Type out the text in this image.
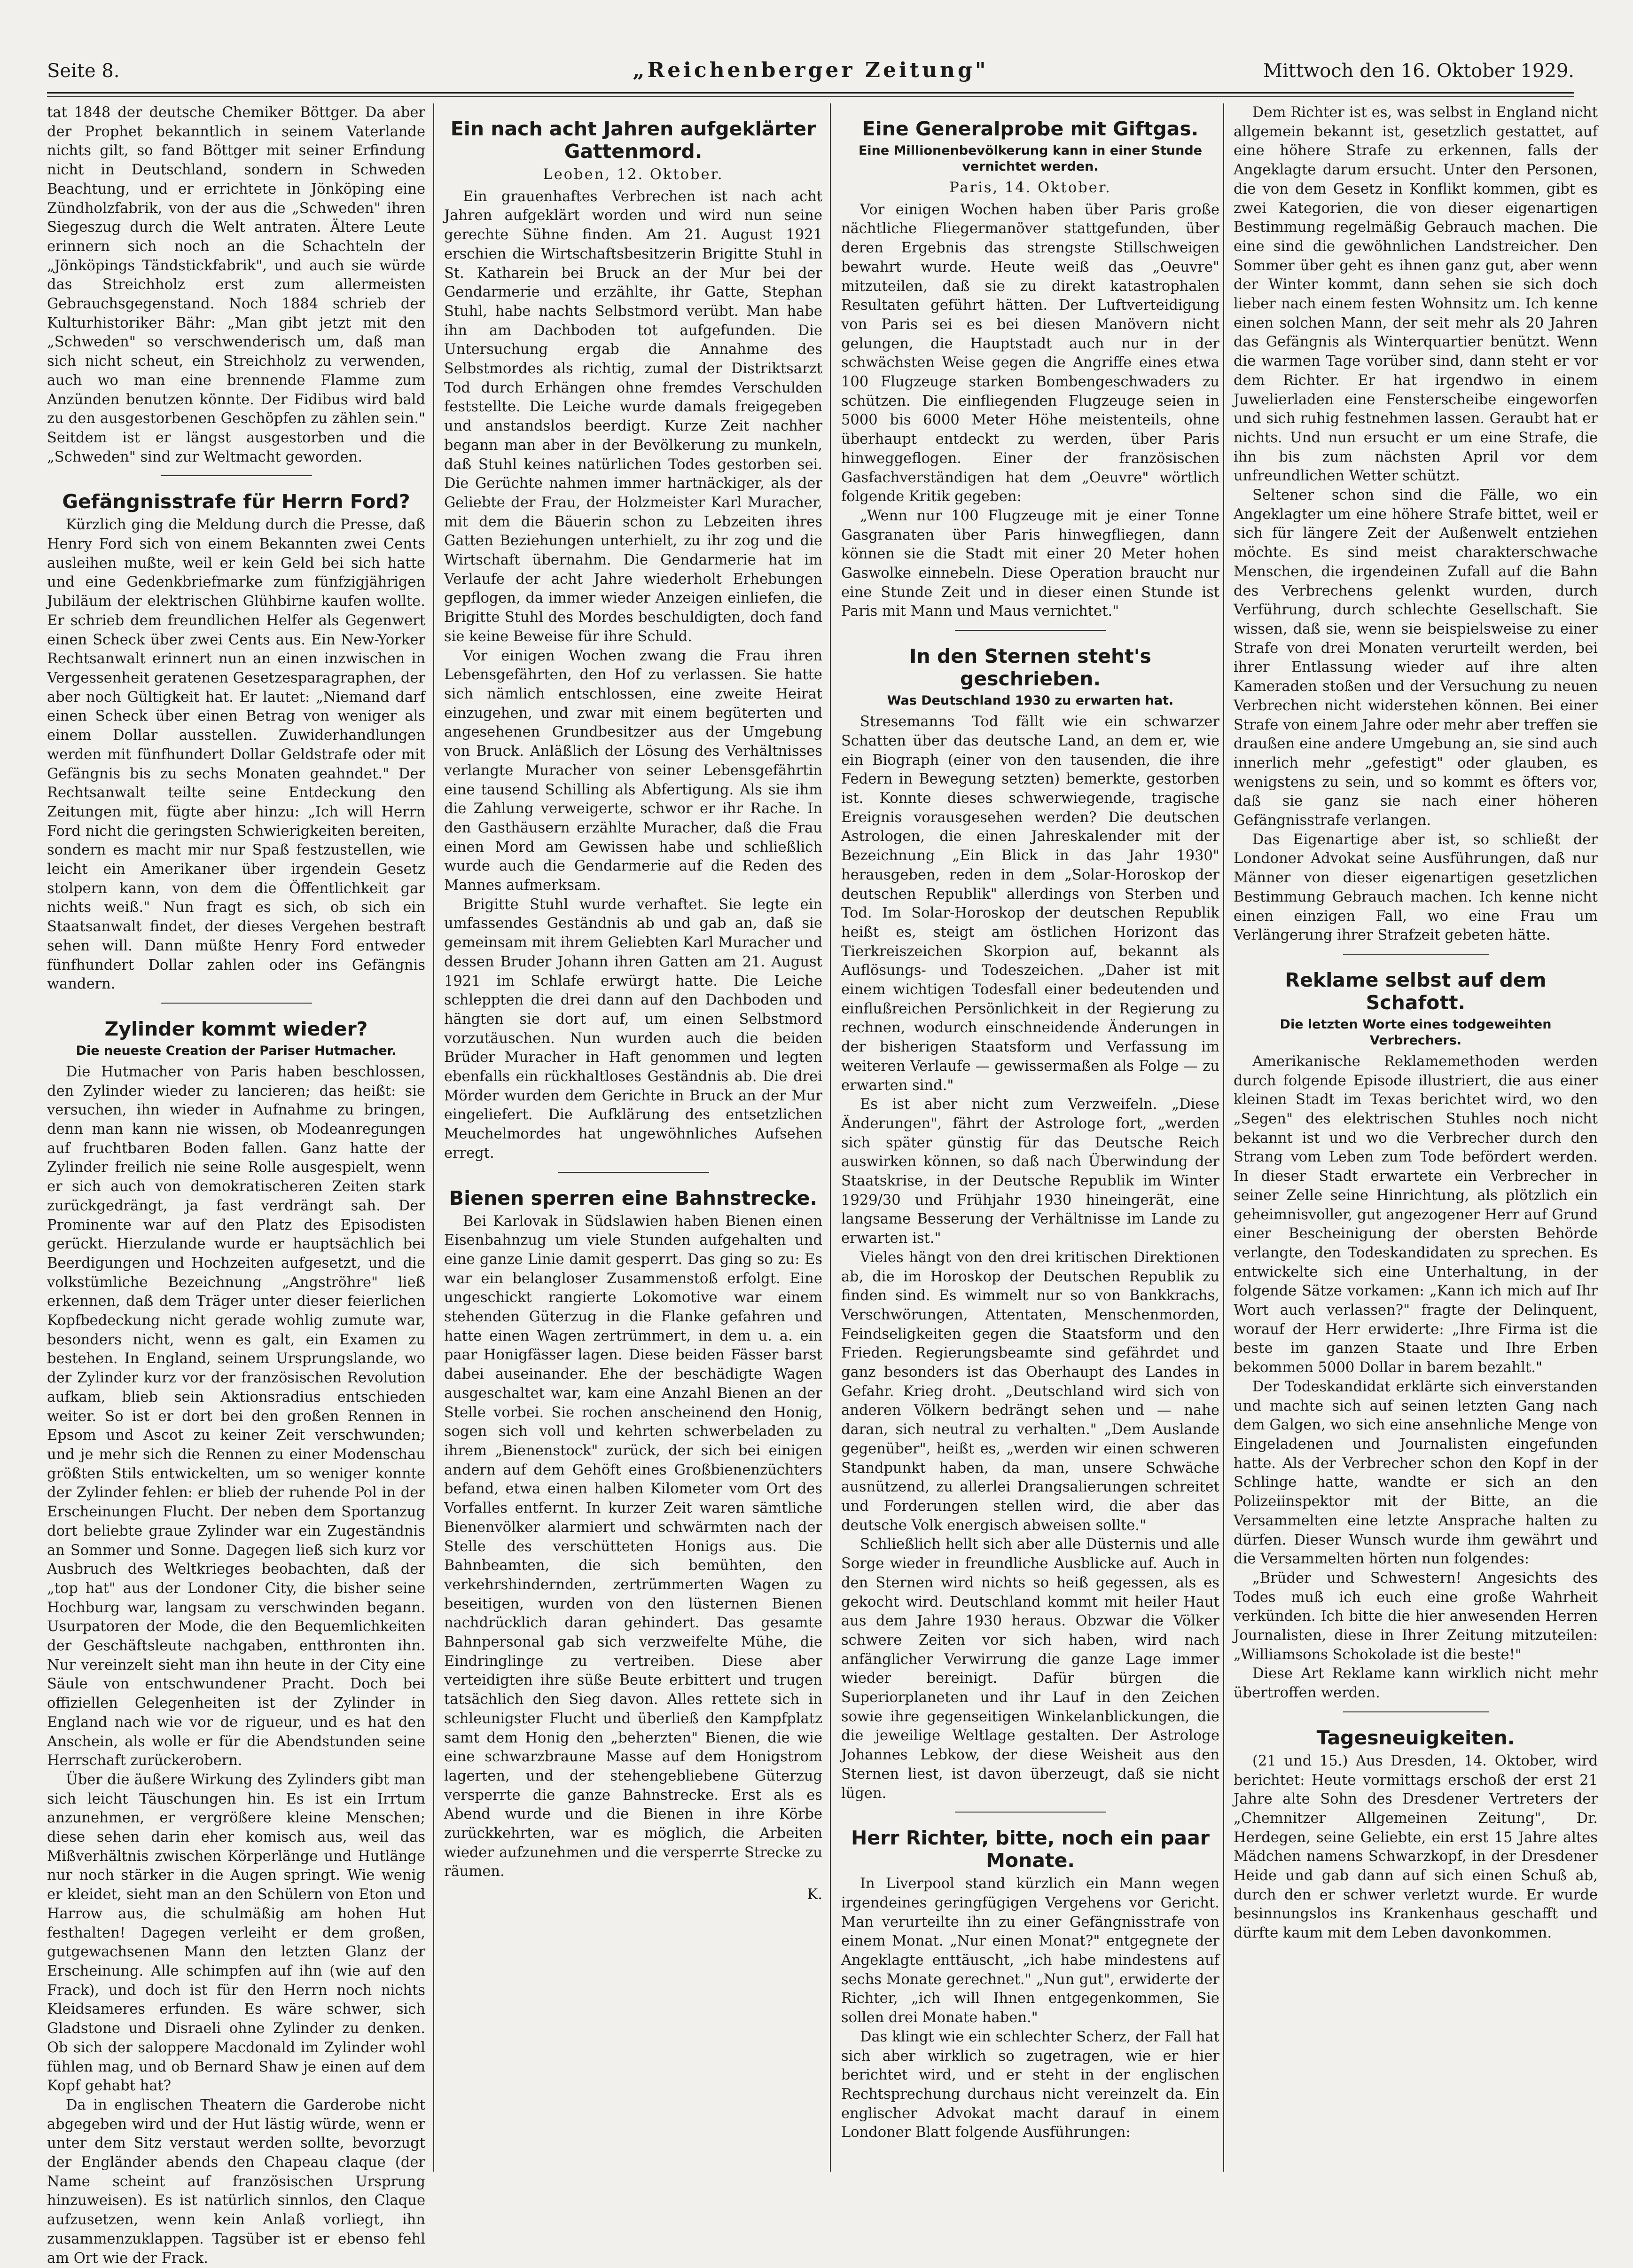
Seite 8.	„Reichenberger Zeitung"	Mittwoch den 16. Oktober 1929.

tat 1848 der deutsche Chemiker Böttger. Da aber der Prophet bekanntlich in seinem Vaterlande nichts gilt, so fand Böttger mit seiner Erfindung nicht in Deutschland, sondern in Schweden Beachtung, und er errichtete in Jönköping eine Zündholzfabrik, von der aus die „Schweden" ihren Siegeszug durch die Welt antraten. Ältere Leute erinnern sich noch an die Schachteln der „Jönköpings Tändstickfabrik", und auch sie würde das Streichholz erst zum allermeisten Gebrauchsgegenstand. Noch 1884 schrieb der Kulturhistoriker Bähr: „Man gibt jetzt mit den „Schweden" so verschwenderisch um, daß man sich nicht scheut, ein Streichholz zu verwenden, auch wo man eine brennende Flamme zum Anzünden benutzen könnte. Der Fidibus wird bald zu den ausgestorbenen Geschöpfen zu zählen sein." Seitdem ist er längst ausgestorben und die „Schweden" sind zur Weltmacht geworden.

Gefängnisstrafe für Herrn Ford?

Kürzlich ging die Meldung durch die Presse, daß Henry Ford sich von einem Bekannten zwei Cents ausleihen mußte, weil er kein Geld bei sich hatte und eine Gedenkbriefmarke zum fünfzigjährigen Jubiläum der elektrischen Glühbirne kaufen wollte. Er schrieb dem freundlichen Helfer als Gegenwert einen Scheck über zwei Cents aus. Ein New-Yorker Rechtsanwalt erinnert nun an einen inzwischen in Vergessenheit geratenen Gesetzesparagraphen, der aber noch Gültigkeit hat. Er lautet: „Niemand darf einen Scheck über einen Betrag von weniger als einem Dollar ausstellen. Zuwiderhandlungen werden mit fünfhundert Dollar Geldstrafe oder mit Gefängnis bis zu sechs Monaten geahndet." Der Rechtsanwalt teilte seine Entdeckung den Zeitungen mit, fügte aber hinzu: „Ich will Herrn Ford nicht die geringsten Schwierigkeiten bereiten, sondern es macht mir nur Spaß festzustellen, wie leicht ein Amerikaner über irgendein Gesetz stolpern kann, von dem die Öffentlichkeit gar nichts weiß." Nun fragt es sich, ob sich ein Staatsanwalt findet, der dieses Vergehen bestraft sehen will. Dann müßte Henry Ford entweder fünfhundert Dollar zahlen oder ins Gefängnis wandern.

Zylinder kommt wieder?
Die neueste Creation der Pariser Hutmacher.

Die Hutmacher von Paris haben beschlossen, den Zylinder wieder zu lancieren; das heißt: sie versuchen, ihn wieder in Aufnahme zu bringen, denn man kann nie wissen, ob Modeanregungen auf fruchtbaren Boden fallen. Ganz hatte der Zylinder freilich nie seine Rolle ausgespielt, wenn er sich auch von demokratischeren Zeiten stark zurückgedrängt, ja fast verdrängt sah. Der Prominente war auf den Platz des Episodisten gerückt. Hierzulande wurde er hauptsächlich bei Beerdigungen und Hochzeiten aufgesetzt, und die volkstümliche Bezeichnung „Angströhre" ließ erkennen, daß dem Träger unter dieser feierlichen Kopfbedeckung nicht gerade wohlig zumute war, besonders nicht, wenn es galt, ein Examen zu bestehen. In England, seinem Ursprungslande, wo der Zylinder kurz vor der französischen Revolution aufkam, blieb sein Aktionsradius entschieden weiter. So ist er dort bei den großen Rennen in Epsom und Ascot zu keiner Zeit verschwunden; und je mehr sich die Rennen zu einer Modenschau größten Stils entwickelten, um so weniger konnte der Zylinder fehlen: er blieb der ruhende Pol in der Erscheinungen Flucht. Der neben dem Sportanzug dort beliebte graue Zylinder war ein Zugeständnis an Sommer und Sonne. Dagegen ließ sich kurz vor Ausbruch des Weltkrieges beobachten, daß der „top hat" aus der Londoner City, die bisher seine Hochburg war, langsam zu verschwinden begann. Usurpatoren der Mode, die den Bequemlichkeiten der Geschäftsleute nachgaben, entthronten ihn. Nur vereinzelt sieht man ihn heute in der City eine Säule von entschwundener Pracht. Doch bei offiziellen Gelegenheiten ist der Zylinder in England nach wie vor de rigueur, und es hat den Anschein, als wolle er für die Abendstunden seine Herrschaft zurückerobern.

Über die äußere Wirkung des Zylinders gibt man sich leicht Täuschungen hin. Es ist ein Irrtum anzunehmen, er vergrößere kleine Menschen; diese sehen darin eher komisch aus, weil das Mißverhältnis zwischen Körperlänge und Hutlänge nur noch stärker in die Augen springt. Wie wenig er kleidet, sieht man an den Schülern von Eton und Harrow aus, die schulmäßig am hohen Hut festhalten! Dagegen verleiht er dem großen, gutgewachsenen Mann den letzten Glanz der Erscheinung. Alle schimpfen auf ihn (wie auf den Frack), und doch ist für den Herrn noch nichts Kleidsameres erfunden. Es wäre schwer, sich Gladstone und Disraeli ohne Zylinder zu denken. Ob sich der saloppere Macdonald im Zylinder wohl fühlen mag, und ob Bernard Shaw je einen auf dem Kopf gehabt hat?

Da in englischen Theatern die Garderobe nicht abgegeben wird und der Hut lästig würde, wenn er unter dem Sitz verstaut werden sollte, bevorzugt der Engländer abends den Chapeau claque (der Name scheint auf französischen Ursprung hinzuweisen). Es ist natürlich sinnlos, den Claque aufzusetzen, wenn kein Anlaß vorliegt, ihn zusammenzuklappen. Tagsüber ist er ebenso fehl am Ort wie der Frack.

Ein nach acht Jahren aufgeklärter Gattenmord.
Leoben, 12. Oktober.

Ein grauenhaftes Verbrechen ist nach acht Jahren aufgeklärt worden und wird nun seine gerechte Sühne finden. Am 21. August 1921 erschien die Wirtschaftsbesitzerin Brigitte Stuhl in St. Katharein bei Bruck an der Mur bei der Gendarmerie und erzählte, ihr Gatte, Stephan Stuhl, habe nachts Selbstmord verübt. Man habe ihn am Dachboden tot aufgefunden. Die Untersuchung ergab die Annahme des Selbstmordes als richtig, zumal der Distriktsarzt Tod durch Erhängen ohne fremdes Verschulden feststellte. Die Leiche wurde damals freigegeben und anstandslos beerdigt. Kurze Zeit nachher begann man aber in der Bevölkerung zu munkeln, daß Stuhl keines natürlichen Todes gestorben sei. Die Gerüchte nahmen immer hartnäckiger, als der Geliebte der Frau, der Holzmeister Karl Muracher, mit dem die Bäuerin schon zu Lebzeiten ihres Gatten Beziehungen unterhielt, zu ihr zog und die Wirtschaft übernahm. Die Gendarmerie hat im Verlaufe der acht Jahre wiederholt Erhebungen gepflogen, da immer wieder Anzeigen einliefen, die Brigitte Stuhl des Mordes beschuldigten, doch fand sie keine Beweise für ihre Schuld.

Vor einigen Wochen zwang die Frau ihren Lebensgefährten, den Hof zu verlassen. Sie hatte sich nämlich entschlossen, eine zweite Heirat einzugehen, und zwar mit einem begüterten und angesehenen Grundbesitzer aus der Umgebung von Bruck. Anläßlich der Lösung des Verhältnisses verlangte Muracher von seiner Lebensgefährtin eine tausend Schilling als Abfertigung. Als sie ihm die Zahlung verweigerte, schwor er ihr Rache. In den Gasthäusern erzählte Muracher, daß die Frau einen Mord am Gewissen habe und schließlich wurde auch die Gendarmerie auf die Reden des Mannes aufmerksam.

Brigitte Stuhl wurde verhaftet. Sie legte ein umfassendes Geständnis ab und gab an, daß sie gemeinsam mit ihrem Geliebten Karl Muracher und dessen Bruder Johann ihren Gatten am 21. August 1921 im Schlafe erwürgt hatte. Die Leiche schleppten die drei dann auf den Dachboden und hängten sie dort auf, um einen Selbstmord vorzutäuschen. Nun wurden auch die beiden Brüder Muracher in Haft genommen und legten ebenfalls ein rückhaltloses Geständnis ab. Die drei Mörder wurden dem Gerichte in Bruck an der Mur eingeliefert. Die Aufklärung des entsetzlichen Meuchelmordes hat ungewöhnliches Aufsehen erregt.

Bienen sperren eine Bahnstrecke.

Bei Karlovak in Südslawien haben Bienen einen Eisenbahnzug um viele Stunden aufgehalten und eine ganze Linie damit gesperrt. Das ging so zu: Es war ein belangloser Zusammenstoß erfolgt. Eine ungeschickt rangierte Lokomotive war einem stehenden Güterzug in die Flanke gefahren und hatte einen Wagen zertrümmert, in dem u. a. ein paar Honigfässer lagen. Diese beiden Fässer barst dabei auseinander. Ehe der beschädigte Wagen ausgeschaltet war, kam eine Anzahl Bienen an der Stelle vorbei. Sie rochen anscheinend den Honig, sogen sich voll und kehrten schwerbeladen zu ihrem „Bienenstock" zurück, der sich bei einigen andern auf dem Gehöft eines Großbienenzüchters befand, etwa einen halben Kilometer vom Ort des Vorfalles entfernt. In kurzer Zeit waren sämtliche Bienenvölker alarmiert und schwärmten nach der Stelle des verschütteten Honigs aus. Die Bahnbeamten, die sich bemühten, den verkehrshindernden, zertrümmerten Wagen zu beseitigen, wurden von den lüsternen Bienen nachdrücklich daran gehindert. Das gesamte Bahnpersonal gab sich verzweifelte Mühe, die Eindringlinge zu vertreiben. Diese aber verteidigten ihre süße Beute erbittert und trugen tatsächlich den Sieg davon. Alles rettete sich in schleunigster Flucht und überließ den Kampfplatz samt dem Honig den „beherzten" Bienen, die wie eine schwarzbraune Masse auf dem Honigstrom lagerten, und der stehengebliebene Güterzug versperrte die ganze Bahnstrecke. Erst als es Abend wurde und die Bienen in ihre Körbe zurückkehrten, war es möglich, die Arbeiten wieder aufzunehmen und die versperrte Strecke zu räumen.

K.
Eine Generalprobe mit Giftgas.
Eine Millionenbevölkerung kann in einer Stunde vernichtet werden.
Paris, 14. Oktober.

Vor einigen Wochen haben über Paris große nächtliche Fliegermanöver stattgefunden, über deren Ergebnis das strengste Stillschweigen bewahrt wurde. Heute weiß das „Oeuvre" mitzuteilen, daß sie zu direkt katastrophalen Resultaten geführt hätten. Der Luftverteidigung von Paris sei es bei diesen Manövern nicht gelungen, die Hauptstadt auch nur in der schwächsten Weise gegen die Angriffe eines etwa 100 Flugzeuge starken Bombengeschwaders zu schützen. Die einfliegenden Flugzeuge seien in 5000 bis 6000 Meter Höhe meistenteils, ohne überhaupt entdeckt zu werden, über Paris hinweggeflogen. Einer der französischen Gasfachverständigen hat dem „Oeuvre" wörtlich folgende Kritik gegeben:

„Wenn nur 100 Flugzeuge mit je einer Tonne Gasgranaten über Paris hinwegfliegen, dann können sie die Stadt mit einer 20 Meter hohen Gaswolke einnebeln. Diese Operation braucht nur eine Stunde Zeit und in dieser einen Stunde ist Paris mit Mann und Maus vernichtet."

In den Sternen steht's geschrieben.
Was Deutschland 1930 zu erwarten hat.

Stresemanns Tod fällt wie ein schwarzer Schatten über das deutsche Land, an dem er, wie ein Biograph (einer von den tausenden, die ihre Federn in Bewegung setzten) bemerkte, gestorben ist. Konnte dieses schwerwiegende, tragische Ereignis vorausgesehen werden? Die deutschen Astrologen, die einen Jahreskalender mit der Bezeichnung „Ein Blick in das Jahr 1930" herausgeben, reden in dem „Solar-Horoskop der deutschen Republik" allerdings von Sterben und Tod. Im Solar-Horoskop der deutschen Republik heißt es, steigt am östlichen Horizont das Tierkreiszeichen Skorpion auf, bekannt als Auflösungs- und Todeszeichen. „Daher ist mit einem wichtigen Todesfall einer bedeutenden und einflußreichen Persönlichkeit in der Regierung zu rechnen, wodurch einschneidende Änderungen in der bisherigen Staatsform und Verfassung im weiteren Verlaufe — gewissermaßen als Folge — zu erwarten sind."

Es ist aber nicht zum Verzweifeln. „Diese Änderungen", fährt der Astrologe fort, „werden sich später günstig für das Deutsche Reich auswirken können, so daß nach Überwindung der Staatskrise, in der Deutsche Republik im Winter 1929/30 und Frühjahr 1930 hineingerät, eine langsame Besserung der Verhältnisse im Lande zu erwarten ist."

Vieles hängt von den drei kritischen Direktionen ab, die im Horoskop der Deutschen Republik zu finden sind. Es wimmelt nur so von Bankkrachs, Verschwörungen, Attentaten, Menschenmorden, Feindseligkeiten gegen die Staatsform und den Frieden. Regierungsbeamte sind gefährdet und ganz besonders ist das Oberhaupt des Landes in Gefahr. Krieg droht. „Deutschland wird sich von anderen Völkern bedrängt sehen und — nahe daran, sich neutral zu verhalten." „Dem Auslande gegenüber", heißt es, „werden wir einen schweren Standpunkt haben, da man, unsere Schwäche ausnützend, zu allerlei Drangsalierungen schreitet und Forderungen stellen wird, die aber das deutsche Volk energisch abweisen sollte."

Schließlich hellt sich aber alle Düsternis und alle Sorge wieder in freundliche Ausblicke auf. Auch in den Sternen wird nichts so heiß gegessen, als es gekocht wird. Deutschland kommt mit heiler Haut aus dem Jahre 1930 heraus. Obzwar die Völker schwere Zeiten vor sich haben, wird nach anfänglicher Verwirrung die ganze Lage immer wieder bereinigt. Dafür bürgen die Superiorplaneten und ihr Lauf in den Zeichen sowie ihre gegenseitigen Winkelanblickungen, die die jeweilige Weltlage gestalten. Der Astrologe Johannes Lebkow, der diese Weisheit aus den Sternen liest, ist davon überzeugt, daß sie nicht lügen.

Herr Richter, bitte, noch ein paar Monate.

In Liverpool stand kürzlich ein Mann wegen irgendeines geringfügigen Vergehens vor Gericht. Man verurteilte ihn zu einer Gefängnisstrafe von einem Monat. „Nur einen Monat?" entgegnete der Angeklagte enttäuscht, „ich habe mindestens auf sechs Monate gerechnet." „Nun gut", erwiderte der Richter, „ich will Ihnen entgegenkommen, Sie sollen drei Monate haben."

Das klingt wie ein schlechter Scherz, der Fall hat sich aber wirklich so zugetragen, wie er hier berichtet wird, und er steht in der englischen Rechtsprechung durchaus nicht vereinzelt da. Ein englischer Advokat macht darauf in einem Londoner Blatt folgende Ausführungen:

Dem Richter ist es, was selbst in England nicht allgemein bekannt ist, gesetzlich gestattet, auf eine höhere Strafe zu erkennen, falls der Angeklagte darum ersucht. Unter den Personen, die von dem Gesetz in Konflikt kommen, gibt es zwei Kategorien, die von dieser eigenartigen Bestimmung regelmäßig Gebrauch machen. Die eine sind die gewöhnlichen Landstreicher. Den Sommer über geht es ihnen ganz gut, aber wenn der Winter kommt, dann sehen sie sich doch lieber nach einem festen Wohnsitz um. Ich kenne einen solchen Mann, der seit mehr als 20 Jahren das Gefängnis als Winterquartier benützt. Wenn die warmen Tage vorüber sind, dann steht er vor dem Richter. Er hat irgendwo in einem Juwelierladen eine Fensterscheibe eingeworfen und sich ruhig festnehmen lassen. Geraubt hat er nichts. Und nun ersucht er um eine Strafe, die ihn bis zum nächsten April vor dem unfreundlichen Wetter schützt.

Seltener schon sind die Fälle, wo ein Angeklagter um eine höhere Strafe bittet, weil er sich für längere Zeit der Außenwelt entziehen möchte. Es sind meist charakterschwache Menschen, die irgendeinen Zufall auf die Bahn des Verbrechens gelenkt wurden, durch Verführung, durch schlechte Gesellschaft. Sie wissen, daß sie, wenn sie beispielsweise zu einer Strafe von drei Monaten verurteilt werden, bei ihrer Entlassung wieder auf ihre alten Kameraden stoßen und der Versuchung zu neuen Verbrechen nicht widerstehen können. Bei einer Strafe von einem Jahre oder mehr aber treffen sie draußen eine andere Umgebung an, sie sind auch innerlich mehr „gefestigt" oder glauben, es wenigstens zu sein, und so kommt es öfters vor, daß sie ganz sie nach einer höheren Gefängnisstrafe verlangen.

Das Eigenartige aber ist, so schließt der Londoner Advokat seine Ausführungen, daß nur Männer von dieser eigenartigen gesetzlichen Bestimmung Gebrauch machen. Ich kenne nicht einen einzigen Fall, wo eine Frau um Verlängerung ihrer Strafzeit gebeten hätte.

Reklame selbst auf dem Schafott.
Die letzten Worte eines todgeweihten Verbrechers.

Amerikanische Reklamemethoden werden durch folgende Episode illustriert, die aus einer kleinen Stadt im Texas berichtet wird, wo den „Segen" des elektrischen Stuhles noch nicht bekannt ist und wo die Verbrecher durch den Strang vom Leben zum Tode befördert werden. In dieser Stadt erwartete ein Verbrecher in seiner Zelle seine Hinrichtung, als plötzlich ein geheimnisvoller, gut angezogener Herr auf Grund einer Bescheinigung der obersten Behörde verlangte, den Todeskandidaten zu sprechen. Es entwickelte sich eine Unterhaltung, in der folgende Sätze vorkamen: „Kann ich mich auf Ihr Wort auch verlassen?" fragte der Delinquent, worauf der Herr erwiderte: „Ihre Firma ist die beste im ganzen Staate und Ihre Erben bekommen 5000 Dollar in barem bezahlt."

Der Todeskandidat erklärte sich einverstanden und machte sich auf seinen letzten Gang nach dem Galgen, wo sich eine ansehnliche Menge von Eingeladenen und Journalisten eingefunden hatte. Als der Verbrecher schon den Kopf in der Schlinge hatte, wandte er sich an den Polizeiinspektor mit der Bitte, an die Versammelten eine letzte Ansprache halten zu dürfen. Dieser Wunsch wurde ihm gewährt und die Versammelten hörten nun folgendes:

„Brüder und Schwestern! Angesichts des Todes muß ich euch eine große Wahrheit verkünden. Ich bitte die hier anwesenden Herren Journalisten, diese in Ihrer Zeitung mitzuteilen: „Williamsons Schokolade ist die beste!"

Diese Art Reklame kann wirklich nicht mehr übertroffen werden.

Tagesneuigkeiten.

(21 und 15.) Aus Dresden, 14. Oktober, wird berichtet: Heute vormittags erschoß der erst 21 Jahre alte Sohn des Dresdener Vertreters der „Chemnitzer Allgemeinen Zeitung", Dr. Herdegen, seine Geliebte, ein erst 15 Jahre altes Mädchen namens Schwarzkopf, in der Dresdener Heide und gab dann auf sich einen Schuß ab, durch den er schwer verletzt wurde. Er wurde besinnungslos ins Krankenhaus geschafft und dürfte kaum mit dem Leben davonkommen.
